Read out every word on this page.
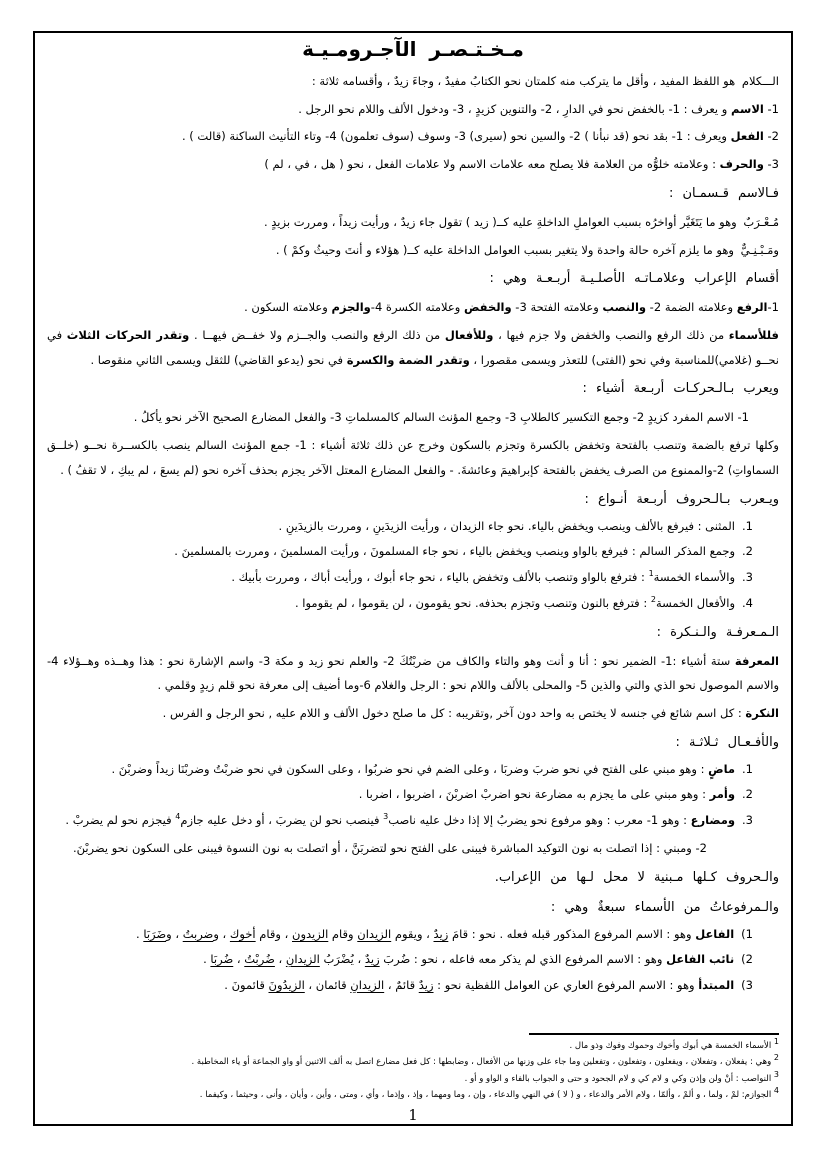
مـخـتـصـر الآجـرومـيـة

الـــكلام هو اللفظ المفيد ، وأقل ما يتركب منه كلمتان نحو الكتابُ مفيدٌ ، وجاءَ زيدٌ ، وأقسامه ثلاثة :

1- الاسم و يعرف : 1- بالخفض نحو في الدارِ ، 2- والتنوين كزيدٍ ، 3- ودخول الألف واللام نحو الرجل .

2- الفعل ويعرف : 1- بقد نحو (قد نبأنا ) 2- والسين نحو (سيرى) 3- وسوف (سوف تعلمون) 4- وتاء التأنيث الساكنة (قالت ) .

3- والحرف : وعلامته خلوُّه من العلامة فلا يصلح معه علامات الاسم ولا علامات الفعل ، نحو ( هل ، في ، لم )

فـالاسم قـسمـان :

مُـعْـرَبٌ وهو ما يَتَغَيَّر أواخرُه بسبب العواملِ الداخلةِ عليه كــ( زيد ) تقول جاء زيدٌ ، ورأيت زيداً ، ومررت بزيدٍ .

ومَـبْـنِـيٌّ وهو ما يلزم آخره حالة واحدة ولا يتغير بسبب العوامل الداخلة عليه كــ( هؤلاء و أنتَ وحيثُ وكمْ ) .

أقسام الإعراب وعلامـاتـه الأصلـيـة أربـعـة وهي :

1-الرفع وعلامته الضمة 2- والنصب وعلامته الفتحة 3- والخفض وعلامته الكسرة 4-والجزم وعلامته السكون .

فللأسماء من ذلك الرفع والنصب والخفض ولا جزم فيها ، وللأفعال من ذلك الرفع والنصب والجــزم ولا خفــض فيهــا . وتقدر الحركات الثلاث في نحــو (غلامي)للمناسبة وفي نحو (الفتى) للتعذر ويسمى مقصورا ، وتقدر الضمة والكسرة في نحو (يدعو القاضي) للثقل ويسمى الثاني منقوصا .

ويعرب بـالـحركـات أربـعة أشياء :

1- الاسم المفرد كزيدٍ 2- وجمع التكسير كالطلابِ 3- وجمع المؤنث السالم كالمسلماتِ 3- والفعل المضارع الصحيح الآخر نحو يأكلُ .

وكلها ترفع بالضمة وتنصب بالفتحة وتخفض بالكسرة وتجزم بالسكون وخرج عن ذلك ثلاثة أشياء : 1- جمع المؤنث السالم ينصب بالكســرة نحــو (خلــق السماواتِ) 2-والممنوع من الصرف يخفض بالفتحة كإبراهيمَ وعائشةَ. - والفعل المضارع المعتل الآخر يجزم بحذف آخره نحو (لم يسعَ ، لم يبكِ ، لا تقفُ ) .

ويـعرب بـالـحروف أربـعة أنـواع :
1.
المثنى : فيرفع بالألف وينصب ويخفض بالياء. نحو جاء الزيدان ، ورأيت الزيدَينِ ، ومررت بالزيدَينِ .
2.
وجمع المذكر السالم : فيرفع بالواو وينصب ويخفض بالياء ، نحو جاء المسلمونَ ، ورأيت المسلمينَ ، ومررت بالمسلمينَ .
3.
والأسماء الخمسة$^1$ : فترفع بالواو وتنصب بالألف وتخفض بالياء ، نحو جاء أبوك ، ورأيت أباك ، ومررت بأبيك .
4.
والأفعال الخمسة$^2$ : فترفع بالنون وتنصب وتجزم بحذفه. نحو يقومون ، لن يقوموا ، لم يقوموا .
الـمـعرفـة والـنـكرة :

المعرفة ستة أشياء :1- الضمير نحو : أنا و أنت وهو والتاء والكاف من ضربْتُكَ 2- والعلم نحو زيد و مكة 3- واسم الإشارة نحو : هذا وهــذه وهــؤلاء 4- والاسم الموصول نحو الذي والتي والذين 5- والمحلى بالألف واللام نحو : الرجل والغلام 6-وما أضيف إلى معرفة نحو قلم زيدٍ وقلمي .

النكرة : كل اسم شائع في جنسه لا يختص به واحد دون آخر ,وتقريبه : كل ما صلح دخول الألف و اللام عليه , نحو الرجل و الفرس .

والأفـعـال ثـلاثـة :
1.
ماضٍ : وهو مبني على الفتح في نحو ضربَ وضربَا ، وعلى الضم في نحو ضربُوا ، وعلى السكون في نحو ضربْتُ وضربْنَا زيداً وضربْنَ .
2.
وأمر : وهو مبني على ما يجزم به مضارعة نحو اضربْ اضربْنَ ، اضربوا ، اضربا .
3.
ومضارع : وهو 1- معرب : وهو مرفوع نحو يضربُ إلا إذا دخل عليه ناصب$^3$ فينصب نحو لن يضربَ ، أو دخل عليه جازم$^4$ فيجزم نحو لم يضربْ .

2- ومبني : إذا اتصلت به نون التوكيد المباشرة فيبنى على الفتح نحو لتضربَنَّ ، أو اتصلت به نون النسوة فيبنى على السكون نحو يضربْنَ.

والـحروف كـلها مـبنية لا محل لـها من الإعراب.
والـمرفوعاتُ من الأسماء سبعةٌ وهي :
1)
الفاعل وهو : الاسم المرفوع المذكور قبله فعله . نحو : قامَ زيدٌ ، ويقوم الزيدان وقام الزيدون ، وقام أخوك ، وضربتُ ، وضَرَبَا .
2)
نائب الفاعل وهو : الاسم المرفوع الذي لم يذكر معه فاعله ، نحو : ضُربَ زيدٌ ، يُضْرَبُ الزيدانِ ، ضُربْتُ ، ضُربَا .
3)
المبتدأ وهو : الاسم المرفوع العاري عن العوامل اللفظية نحو : زيدٌ قائمٌ ، الزيدانِ قائمان ، الزيدُونَ قائمونَ .
$^1$ الأسماء الخمسة هي أبوك وأخوك وحموك وفوك وذو مال .
$^2$ وهي : يفعلان ، وتفعلان ، ويفعلون ، وتفعلون ، وتفعلين وما جاء على وزنها من الأفعال ، وضابطها : كل فعل مضارع اتصل به ألف الاثنين أو واو الجماعة أو ياء المخاطبة .
$^3$ النواصب : أنْ ولن وإذن وكي و لام كي و لام الجحود و حتى و الجواب بالفاء و الواو و أو .
$^4$ الجوازم: لمْ ، ولما ، و ألمْ ، وألمّا ، ولام الأمر والدعاء ، و ( لا ) في النهي والدعاء ، وإن ، وما ومهما ، وإذ ، وإذما ، وأي ، ومتى ، وأين ، وأيان ، وأنى ، وحيثما ، وكيفما .
1
